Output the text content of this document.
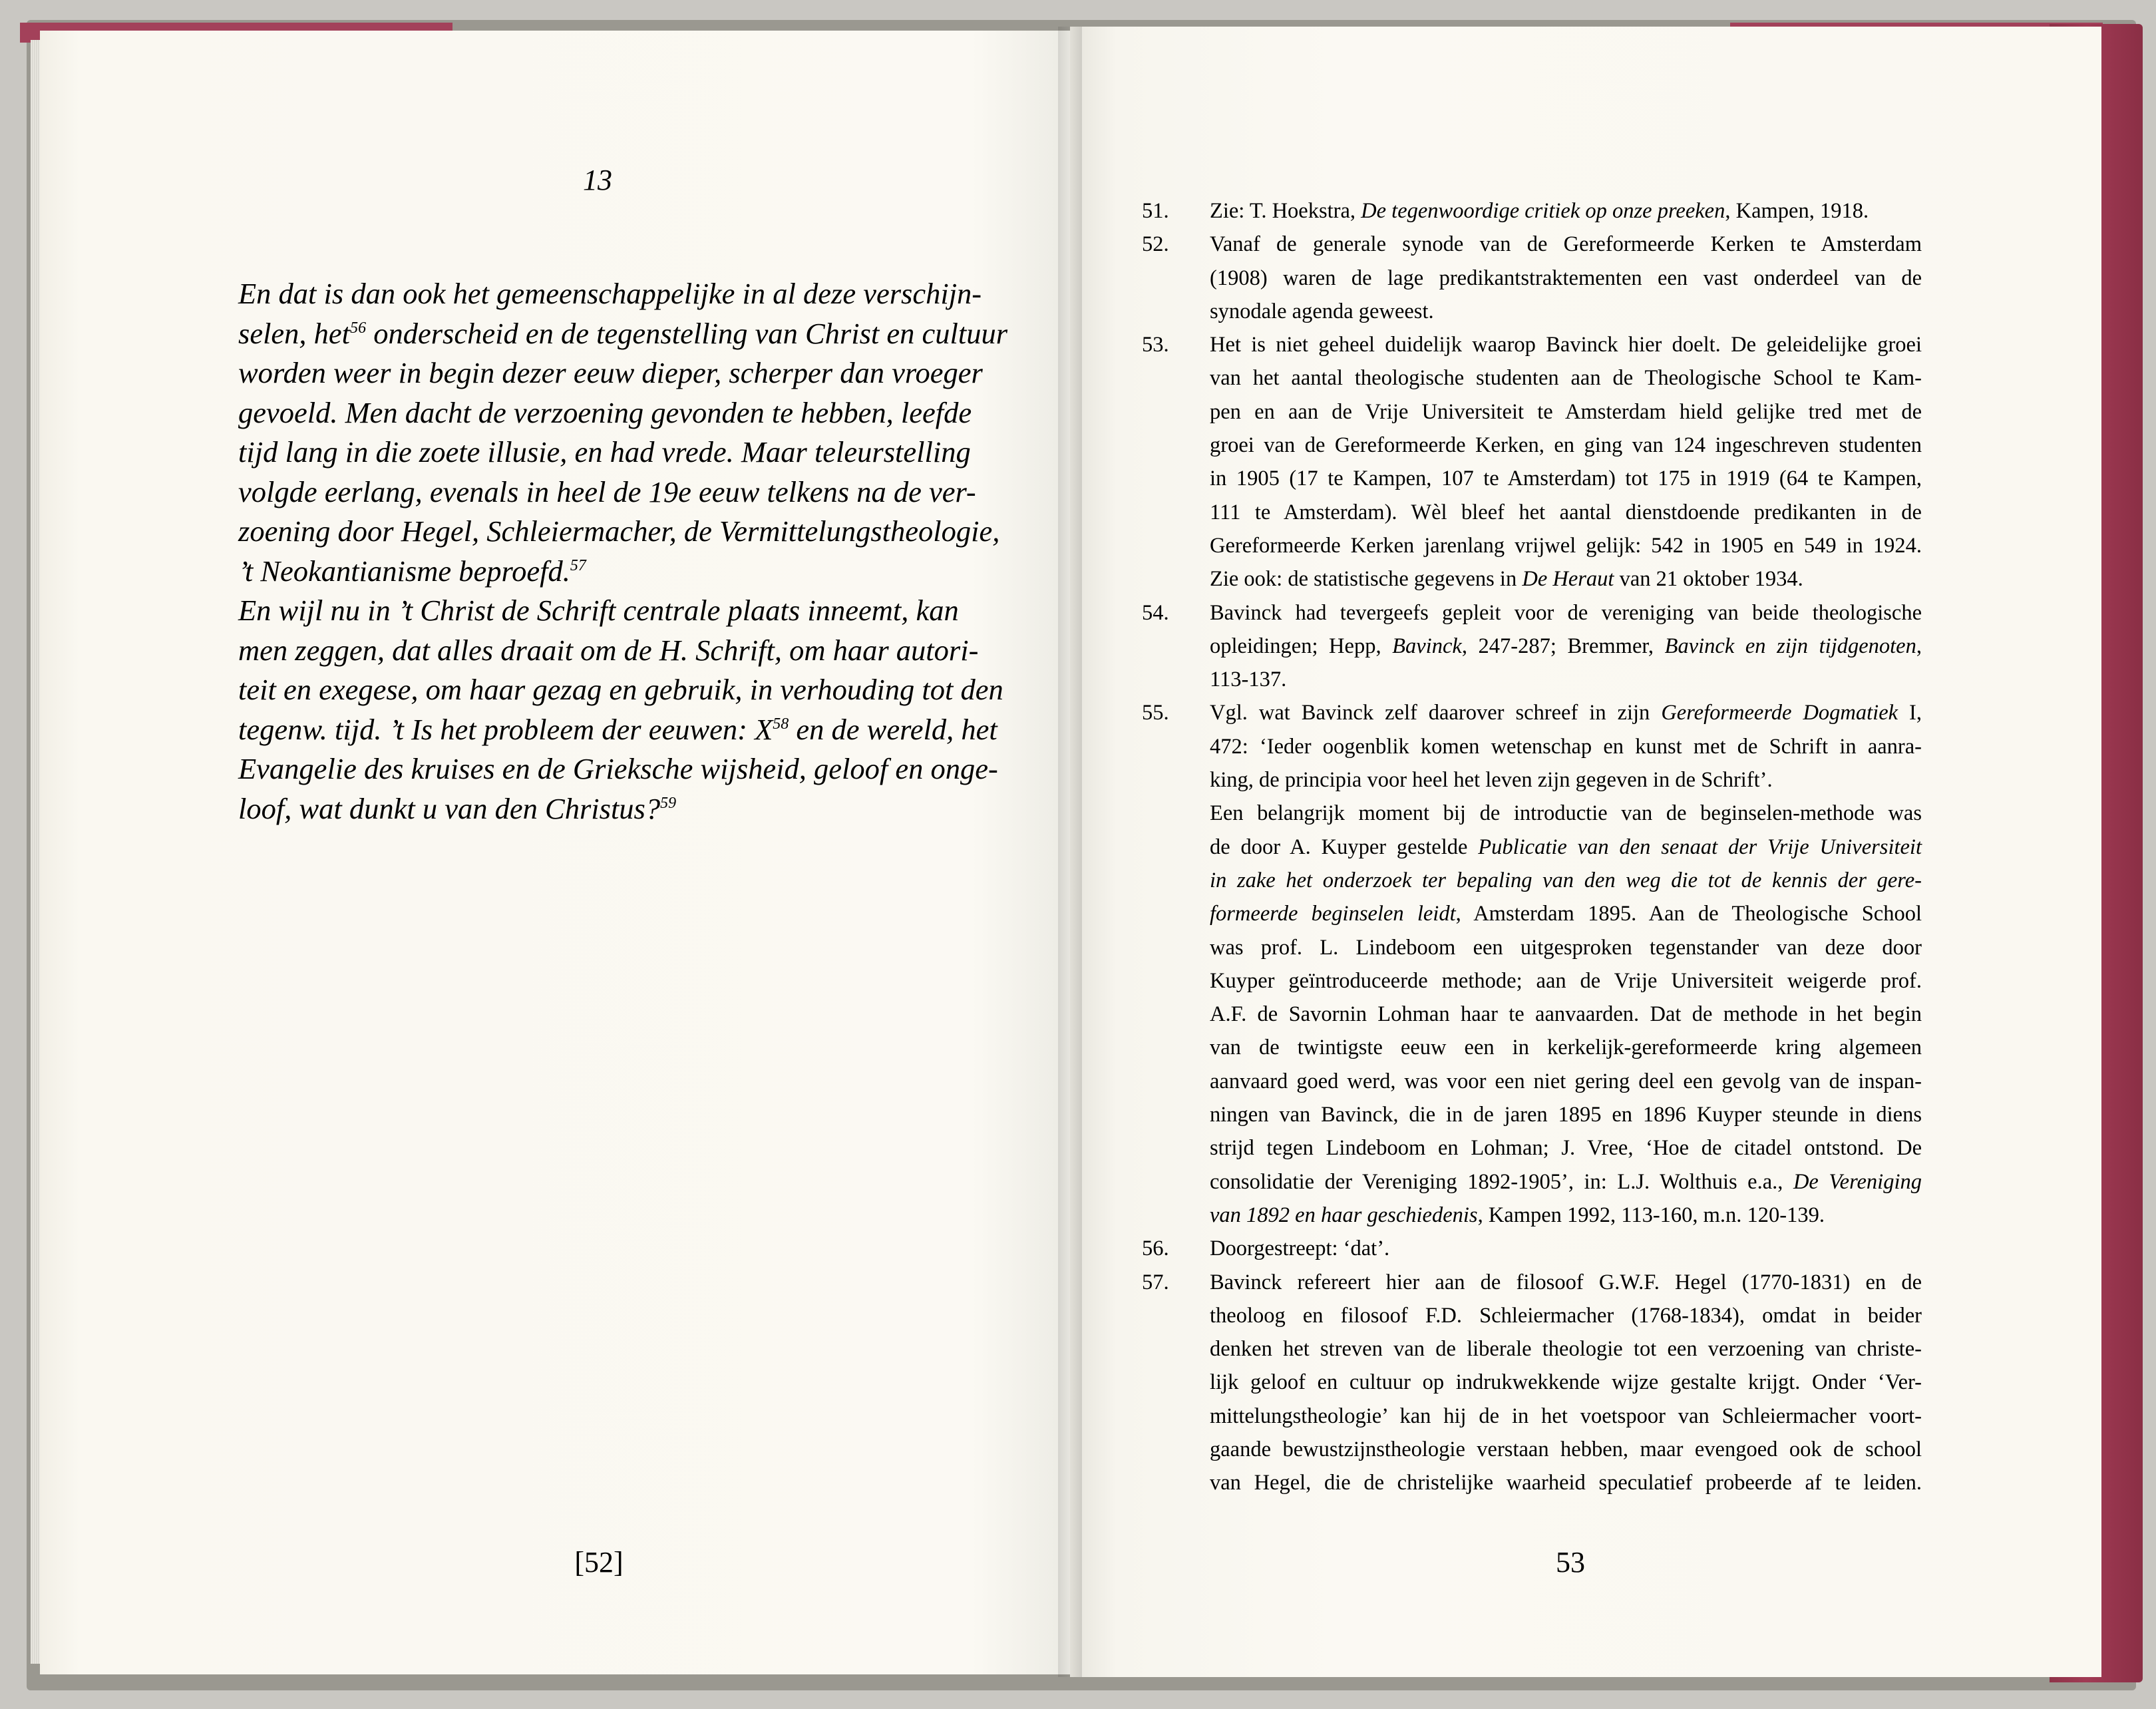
13
En dat is dan ook het gemeenschappelijke in al deze verschijn-
selen, het$^{56}$ onderscheid en de tegenstelling van Christ en cultuur
worden weer in begin dezer eeuw dieper, scherper dan vroeger
gevoeld. Men dacht de verzoening gevonden te hebben, leefde
tijd lang in die zoete illusie, en had vrede. Maar teleurstelling
volgde eerlang, evenals in heel de 19e eeuw telkens na de ver-
zoening door Hegel, Schleiermacher, de Vermittelungstheologie,
’t Neokantianisme beproefd.$^{57}$
En wijl nu in ’t Christ de Schrift centrale plaats inneemt, kan
men zeggen, dat alles draait om de H. Schrift, om haar autori-
teit en exegese, om haar gezag en gebruik, in verhouding tot den
tegenw. tijd. ’t Is het probleem der eeuwen: $X^{58}$ en de wereld, het
Evangelie des kruises en de Grieksche wijsheid, geloof en onge-
loof, wat dunkt u van den Christus?$^{59}$
[52]
51.	Zie: T. Hoekstra, De tegenwoordige critiek op onze preeken, Kampen, 1918.
52.	Vanaf de generale synode van de Gereformeerde Kerken te Amsterdam
(1908) waren de lage predikantstraktementen een vast onderdeel van de
synodale agenda geweest.
53.	Het is niet geheel duidelijk waarop Bavinck hier doelt. De geleidelijke groei
van het aantal theologische studenten aan de Theologische School te Kam-
pen en aan de Vrije Universiteit te Amsterdam hield gelijke tred met de
groei van de Gereformeerde Kerken, en ging van 124 ingeschreven studenten
in 1905 (17 te Kampen, 107 te Amsterdam) tot 175 in 1919 (64 te Kampen,
111 te Amsterdam). Wèl bleef het aantal dienstdoende predikanten in de
Gereformeerde Kerken jarenlang vrijwel gelijk: 542 in 1905 en 549 in 1924.
Zie ook: de statistische gegevens in De Heraut van 21 oktober 1934.
54.	Bavinck had tevergeefs gepleit voor de vereniging van beide theologische
opleidingen; Hepp, Bavinck, 247-287; Bremmer, Bavinck en zijn tijdgenoten,
113-137.
55.	Vgl. wat Bavinck zelf daarover schreef in zijn Gereformeerde Dogmatiek I,
472: ‘Ieder oogenblik komen wetenschap en kunst met de Schrift in aanra-
king, de principia voor heel het leven zijn gegeven in de Schrift’.
Een belangrijk moment bij de introductie van de beginselen-methode was
de door A. Kuyper gestelde Publicatie van den senaat der Vrije Universiteit
in zake het onderzoek ter bepaling van den weg die tot de kennis der gere-
formeerde beginselen leidt, Amsterdam 1895. Aan de Theologische School
was prof. L. Lindeboom een uitgesproken tegenstander van deze door
Kuyper geïntroduceerde methode; aan de Vrije Universiteit weigerde prof.
A.F. de Savornin Lohman haar te aanvaarden. Dat de methode in het begin
van de twintigste eeuw een in kerkelijk-gereformeerde kring algemeen
aanvaard goed werd, was voor een niet gering deel een gevolg van de inspan-
ningen van Bavinck, die in de jaren 1895 en 1896 Kuyper steunde in diens
strijd tegen Lindeboom en Lohman; J. Vree, ‘Hoe de citadel ontstond. De
consolidatie der Vereniging 1892-1905’, in: L.J. Wolthuis e.a., De Vereniging
van 1892 en haar geschiedenis, Kampen 1992, 113-160, m.n. 120-139.
56.	Doorgestreept: ‘dat’.
57.	Bavinck refereert hier aan de filosoof G.W.F. Hegel (1770-1831) en de
theoloog en filosoof F.D. Schleiermacher (1768-1834), omdat in beider
denken het streven van de liberale theologie tot een verzoening van christe-
lijk geloof en cultuur op indrukwekkende wijze gestalte krijgt. Onder ‘Ver-
mittelungstheologie’ kan hij de in het voetspoor van Schleiermacher voort-
gaande bewustzijnstheologie verstaan hebben, maar evengoed ook de school
van Hegel, die de christelijke waarheid speculatief probeerde af te leiden.
53
